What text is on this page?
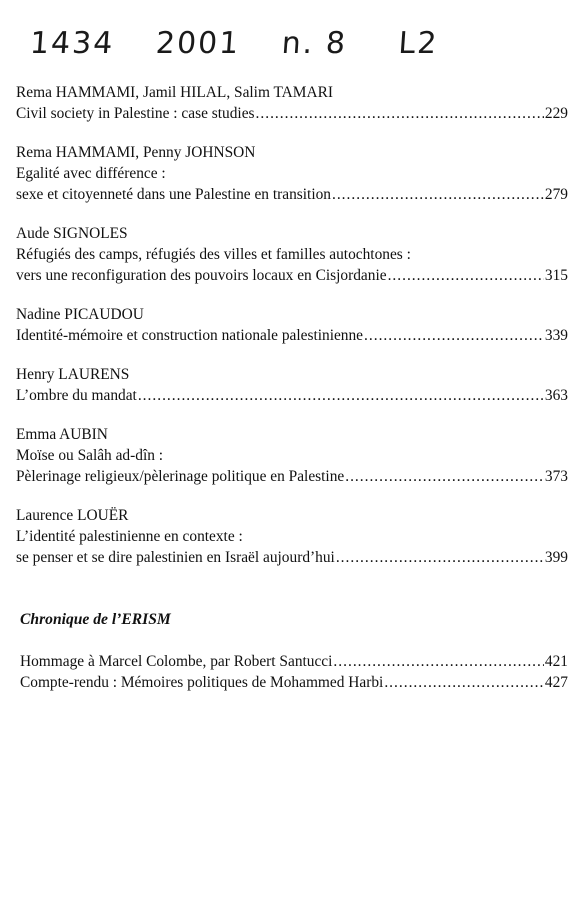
1434 2001 n. 8 L2
Rema HAMMAMI, Jamil HILAL, Salim TAMARI
Civil society in Palestine : case studies .....	229
Rema HAMMAMI, Penny JOHNSON
Egalité avec différence :
sexe et citoyenneté dans une Palestine en transition .....	279
Aude SIGNOLES
Réfugiés des camps, réfugiés des villes et familles autochtones :
vers une reconfiguration des pouvoirs locaux en Cisjordanie .....	315
Nadine PICAUDOU
Identité-mémoire et construction nationale palestinienne .....	339
Henry LAURENS
L’ombre du mandat .....	363
Emma AUBIN
Moïse ou Salâh ad-dîn :
Pèlerinage religieux/pèlerinage politique en Palestine .....	373
Laurence LOUËR
L’identité palestinienne en contexte :
se penser et se dire palestinien en Israël aujourd’hui .....	399
Chronique de l’ERISM
Hommage à Marcel Colombe, par Robert Santucci .....	421
Compte-rendu : Mémoires politiques de Mohammed Harbi .....	427
